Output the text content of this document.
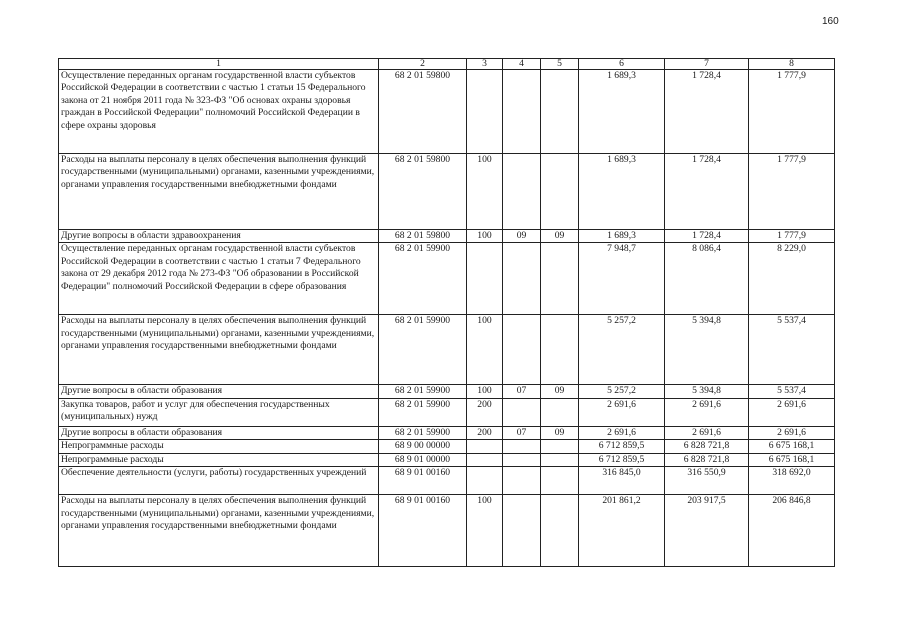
160
1	2	3	4	5	6	7	8
Осуществление переданных органам государственной власти субъектов Российской Федерации в соответствии с частью 1 статьи 15 Федерального закона от 21 ноября 2011 года № 323-ФЗ "Об основах охраны здоровья граждан в Российской Федерации" полномочий Российской Федерации в сфере охраны здоровья	68 2 01 59800				1 689,3	1 728,4	1 777,9
Расходы на выплаты персоналу в целях обеспечения выполнения функций государственными (муниципальными) органами, казенными учреждениями, органами управления государственными внебюджетными фондами	68 2 01 59800	100			1 689,3	1 728,4	1 777,9
Другие вопросы в области здравоохранения	68 2 01 59800	100	09	09	1 689,3	1 728,4	1 777,9
Осуществление переданных органам государственной власти субъектов Российской Федерации в соответствии с частью 1 статьи 7 Федерального закона от 29 декабря 2012 года № 273-ФЗ "Об образовании в Российской Федерации" полномочий Российской Федерации в сфере образования	68 2 01 59900				7 948,7	8 086,4	8 229,0
Расходы на выплаты персоналу в целях обеспечения выполнения функций государственными (муниципальными) органами, казенными учреждениями, органами управления государственными внебюджетными фондами	68 2 01 59900	100			5 257,2	5 394,8	5 537,4
Другие вопросы в области образования	68 2 01 59900	100	07	09	5 257,2	5 394,8	5 537,4
Закупка товаров, работ и услуг для обеспечения государственных (муниципальных) нужд	68 2 01 59900	200			2 691,6	2 691,6	2 691,6
Другие вопросы в области образования	68 2 01 59900	200	07	09	2 691,6	2 691,6	2 691,6
Непрограммные расходы	68 9 00 00000				6 712 859,5	6 828 721,8	6 675 168,1
Непрограммные расходы	68 9 01 00000				6 712 859,5	6 828 721,8	6 675 168,1
Обеспечение деятельности (услуги, работы) государственных учреждений	68 9 01 00160				316 845,0	316 550,9	318 692,0
Расходы на выплаты персоналу в целях обеспечения выполнения функций государственными (муниципальными) органами, казенными учреждениями, органами управления государственными внебюджетными фондами	68 9 01 00160	100			201 861,2	203 917,5	206 846,8
